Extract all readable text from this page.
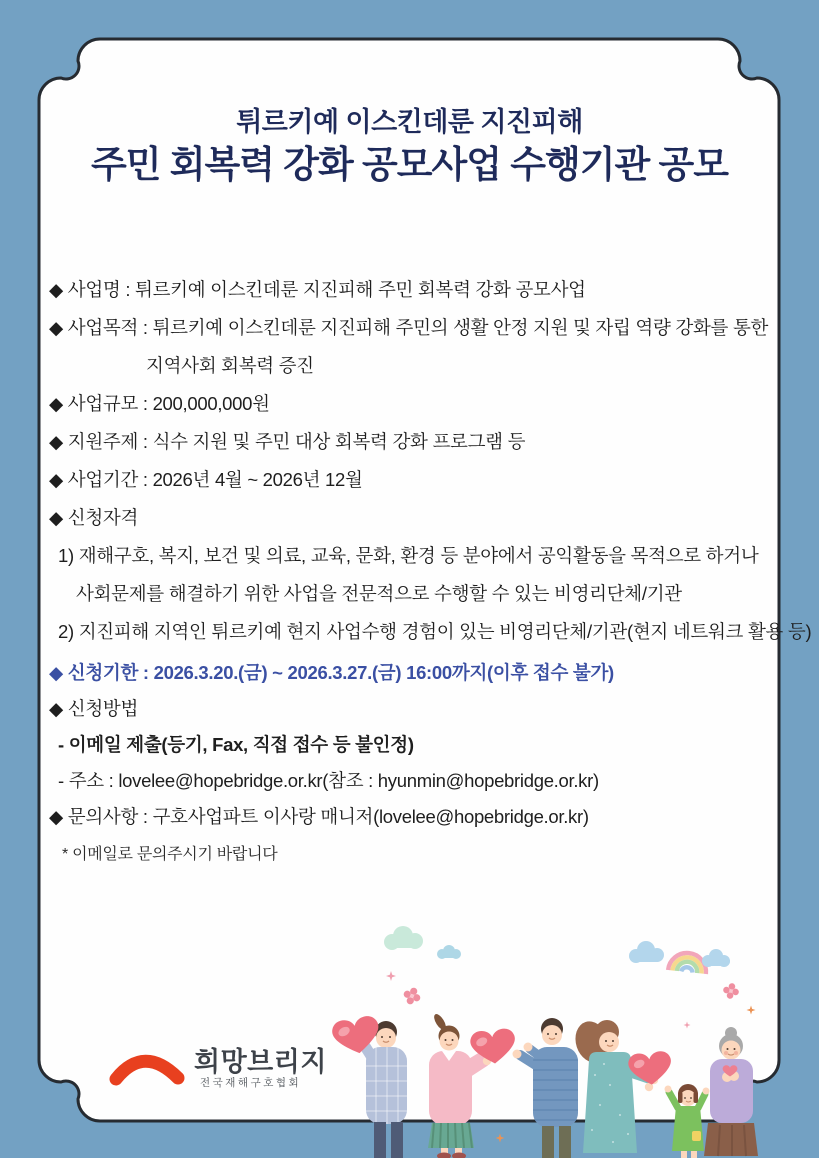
튀르키예 이스킨데룬 지진피해
주민 회복력 강화 공모사업 수행기관 공모
◆ 사업명 : 튀르키예 이스킨데룬 지진피해 주민 회복력 강화 공모사업
◆ 사업목적 : 튀르키예 이스킨데룬 지진피해 주민의 생활 안정 지원 및 자립 역량 강화를 통한
지역사회 회복력 증진
◆ 사업규모 : 200,000,000원
◆ 지원주제 : 식수 지원 및 주민 대상 회복력 강화 프로그램 등
◆ 사업기간 : 2026년 4월 ~ 2026년 12월
◆ 신청자격
1) 재해구호, 복지, 보건 및 의료, 교육, 문화, 환경 등 분야에서 공익활동을 목적으로 하거나
사회문제를 해결하기 위한 사업을 전문적으로 수행할 수 있는 비영리단체/기관
2) 지진피해 지역인 튀르키예 현지 사업수행 경험이 있는 비영리단체/기관(현지 네트워크 활용 등)
◆ 신청기한 : 2026.3.20.(금) ~ 2026.3.27.(금) 16:00까지(이후 접수 불가)
◆ 신청방법
- 이메일 제출(등기, Fax, 직접 접수 등 불인정)
- 주소 : lovelee@hopebridge.or.kr(참조 : hyunmin@hopebridge.or.kr)
◆ 문의사항 : 구호사업파트 이사랑 매니저(lovelee@hopebridge.or.kr)
* 이메일로 문의주시기 바랍니다
희망브리지
전국재해구호협회
